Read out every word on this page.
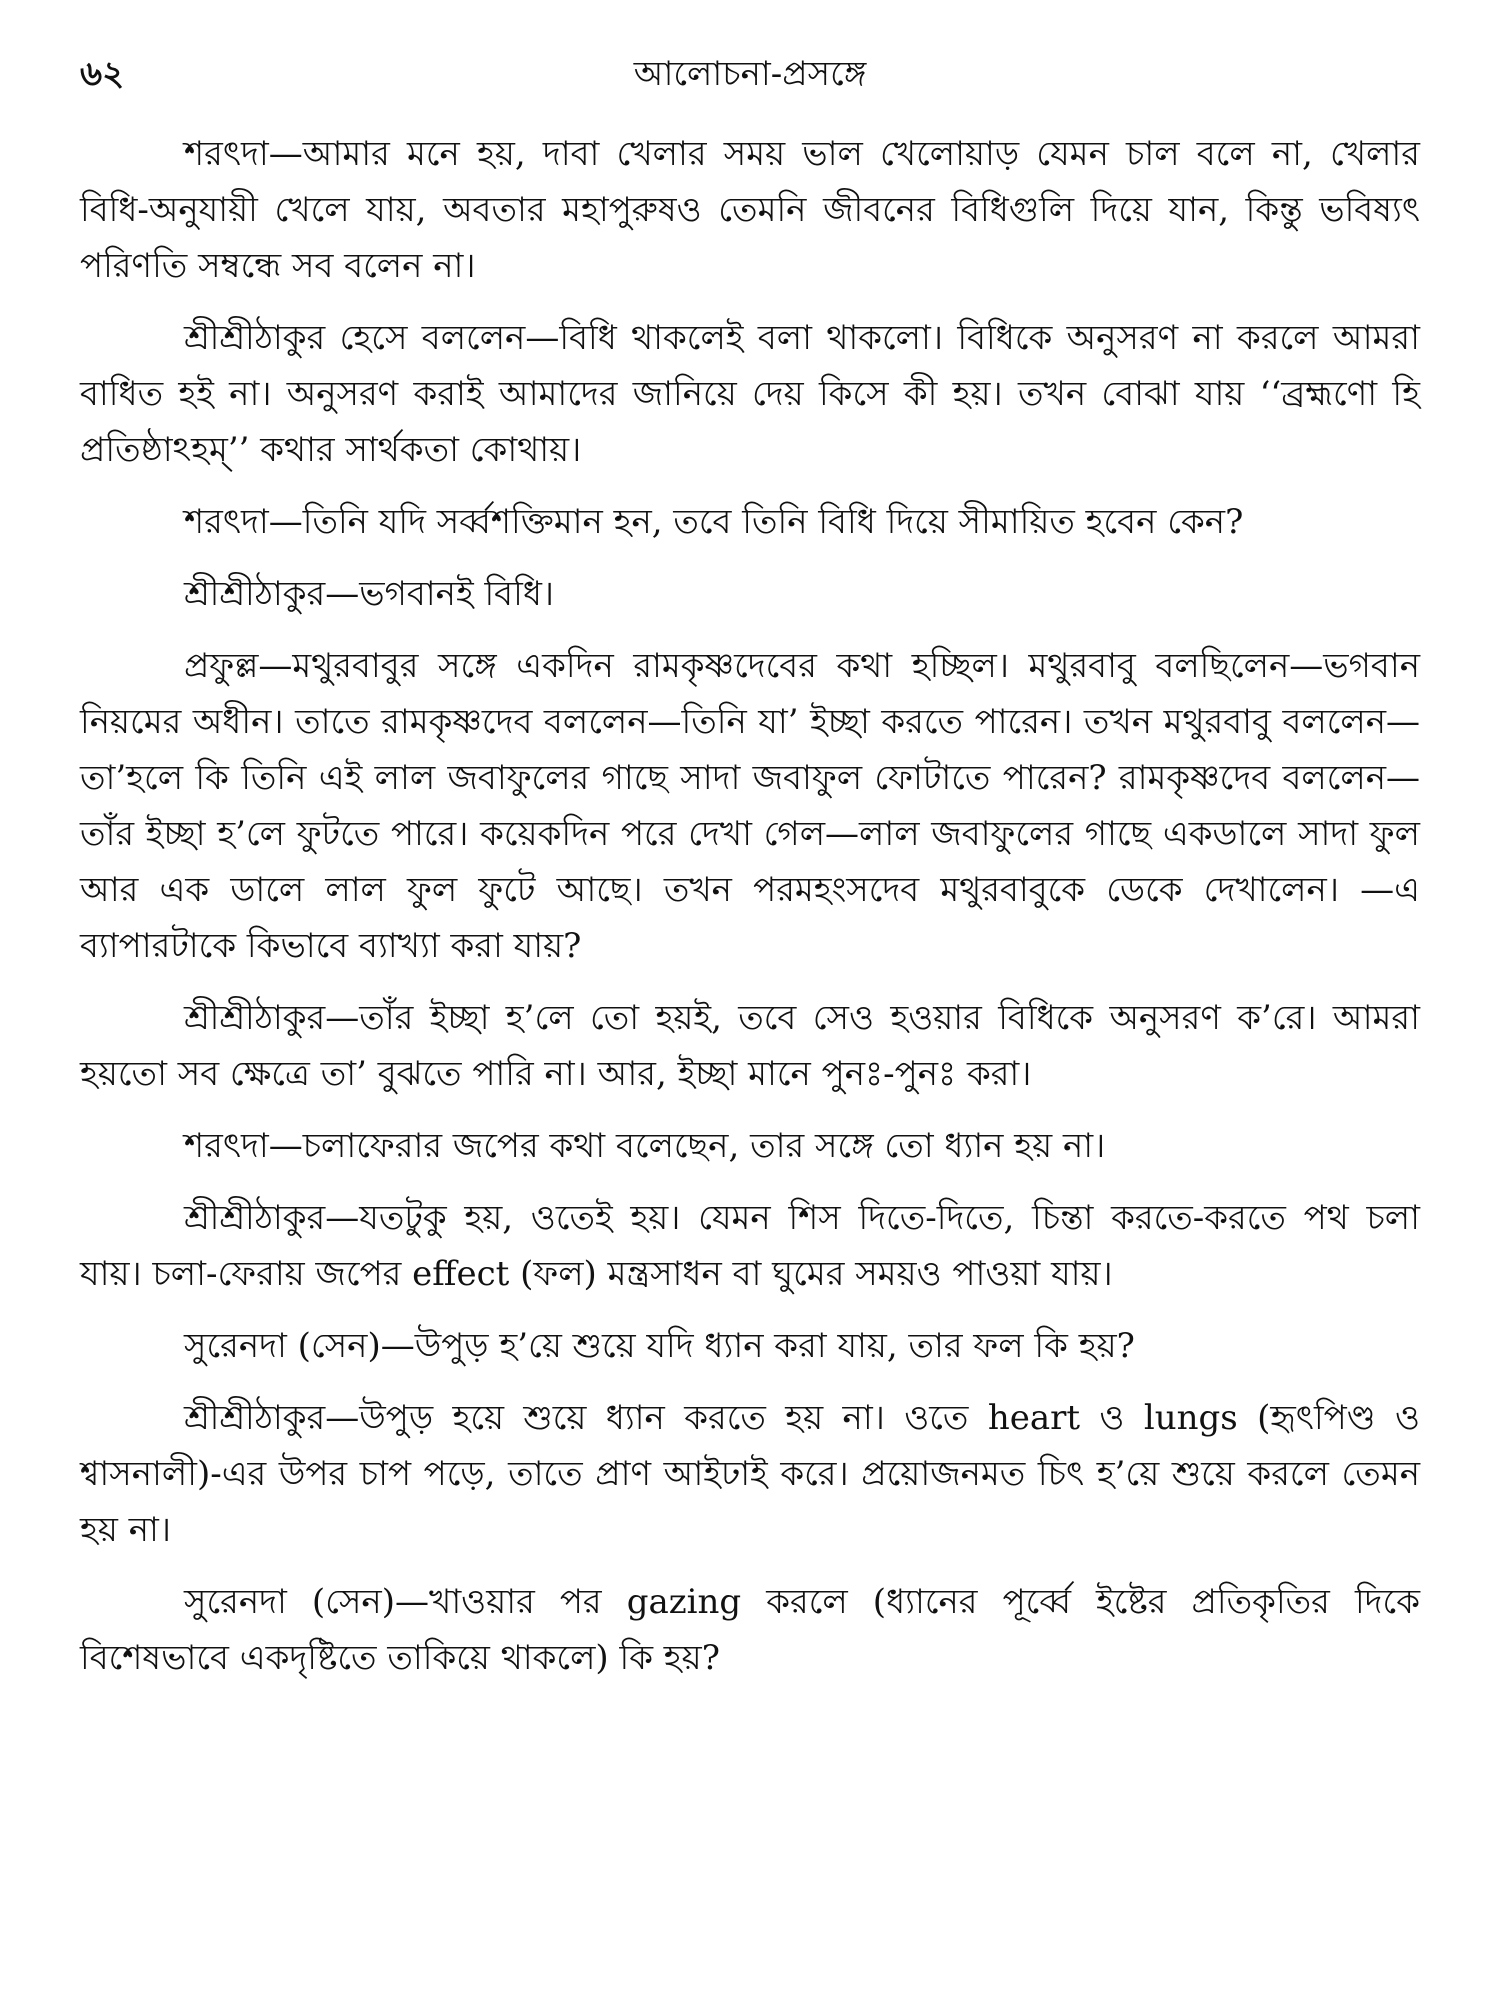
৬২	আলোচনা-প্রসঙ্গে

শরৎদা—আমার মনে হয়, দাবা খেলার সময় ভাল খেলোয়াড় যেমন চাল বলে না, খেলার বিধি-অনুযায়ী খেলে যায়, অবতার মহাপুরুষও তেমনি জীবনের বিধিগুলি দিয়ে যান, কিন্তু ভবিষ্যৎ পরিণতি সম্বন্ধে সব বলেন না।

শ্রীশ্রীঠাকুর হেসে বললেন—বিধি থাকলেই বলা থাকলো। বিধিকে অনুসরণ না করলে আমরা বাধিত হই না। অনুসরণ করাই আমাদের জানিয়ে দেয় কিসে কী হয়। তখন বোঝা যায় ‘‘ব্রহ্মণো হি প্রতিষ্ঠাঽহম্’’ কথার সার্থকতা কোথায়।

শরৎদা—তিনি যদি সর্ব্বশক্তিমান হন, তবে তিনি বিধি দিয়ে সীমায়িত হবেন কেন?

শ্রীশ্রীঠাকুর—ভগবানই বিধি।

প্রফুল্ল—মথুরবাবুর সঙ্গে একদিন রামকৃষ্ণদেবের কথা হচ্ছিল। মথুরবাবু বলছিলেন—ভগবান নিয়মের অধীন। তাতে রামকৃষ্ণদেব বললেন—তিনি যা’ ইচ্ছা করতে পারেন। তখন মথুরবাবু বললেন—তা’হলে কি তিনি এই লাল জবাফুলের গাছে সাদা জবাফুল ফোটাতে পারেন? রামকৃষ্ণদেব বললেন—তাঁর ইচ্ছা হ’লে ফুটতে পারে। কয়েকদিন পরে দেখা গেল—লাল জবাফুলের গাছে একডালে সাদা ফুল আর এক ডালে লাল ফুল ফুটে আছে। তখন পরমহংসদেব মথুরবাবুকে ডেকে দেখালেন। —এ ব্যাপারটাকে কিভাবে ব্যাখ্যা করা যায়?

শ্রীশ্রীঠাকুর—তাঁর ইচ্ছা হ’লে তো হয়ই, তবে সেও হওয়ার বিধিকে অনুসরণ ক’রে। আমরা হয়তো সব ক্ষেত্রে তা’ বুঝতে পারি না। আর, ইচ্ছা মানে পুনঃ-পুনঃ করা।

শরৎদা—চলাফেরার জপের কথা বলেছেন, তার সঙ্গে তো ধ্যান হয় না।

শ্রীশ্রীঠাকুর—যতটুকু হয়, ওতেই হয়। যেমন শিস দিতে-দিতে, চিন্তা করতে-করতে পথ চলা যায়। চলা-ফেরায় জপের effect (ফল) মন্ত্রসাধন বা ঘুমের সময়ও পাওয়া যায়।

সুরেনদা (সেন)—উপুড় হ’য়ে শুয়ে যদি ধ্যান করা যায়, তার ফল কি হয়?

শ্রীশ্রীঠাকুর—উপুড় হয়ে শুয়ে ধ্যান করতে হয় না। ওতে heart ও lungs (হৃৎপিণ্ড ও শ্বাসনালী)-এর উপর চাপ পড়ে, তাতে প্রাণ আইঢাই করে। প্রয়োজনমত চিৎ হ’য়ে শুয়ে করলে তেমন হয় না।

সুরেনদা (সেন)—খাওয়ার পর gazing করলে (ধ্যানের পূর্ব্বে ইষ্টের প্রতিকৃতির দিকে বিশেষভাবে একদৃষ্টিতে তাকিয়ে থাকলে) কি হয়?
